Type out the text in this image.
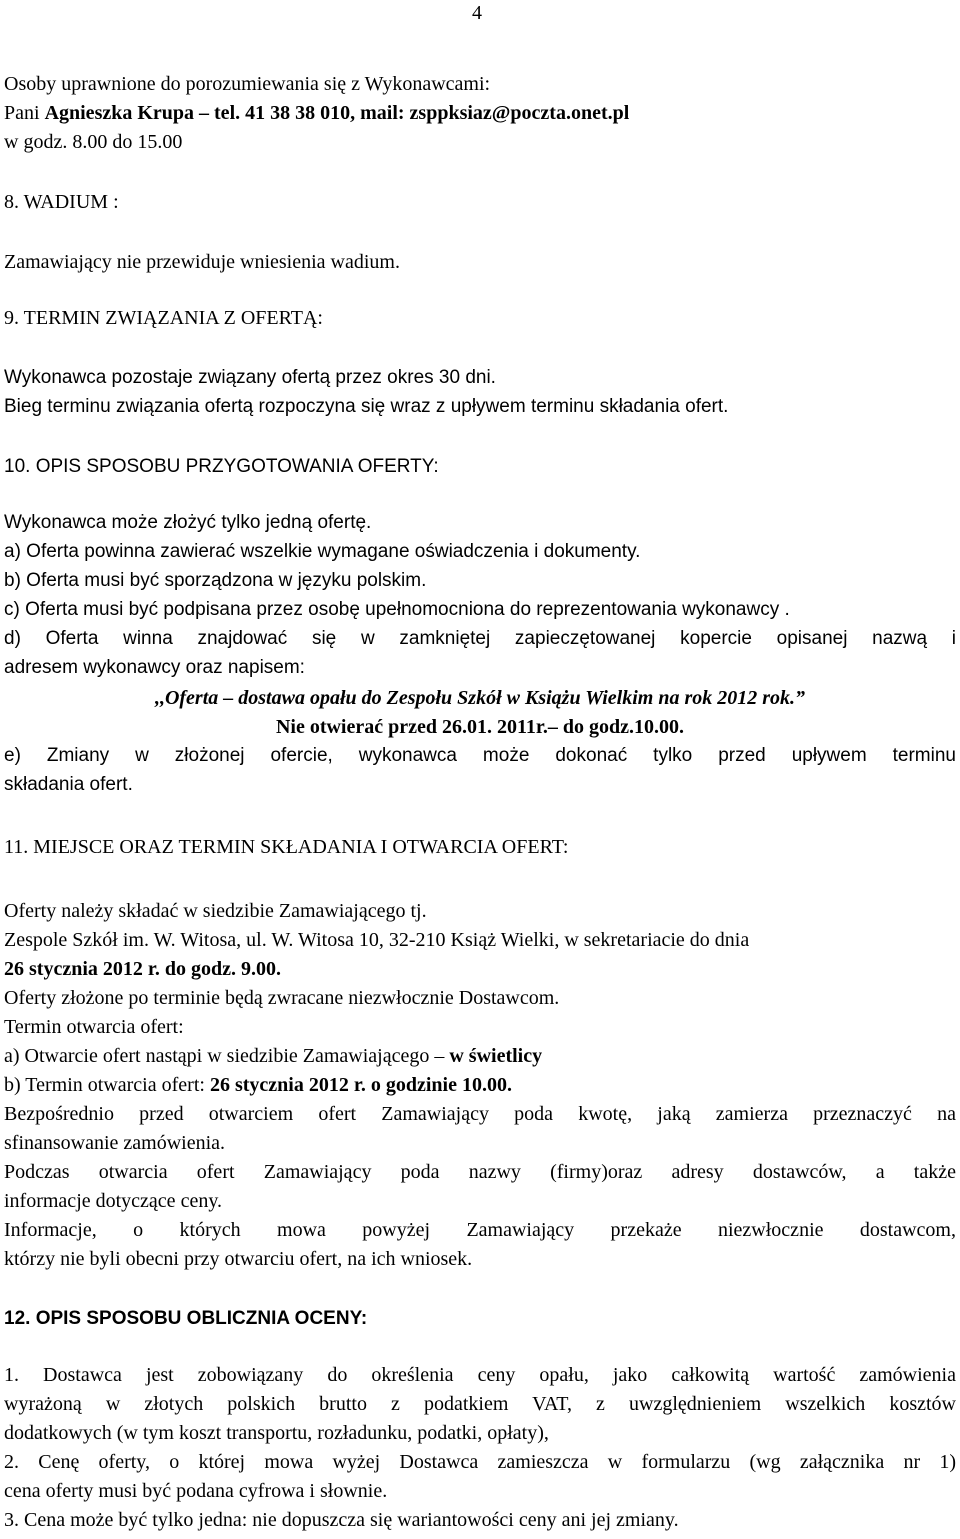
4
Osoby uprawnione do porozumiewania się z Wykonawcami:
Pani Agnieszka Krupa – tel. 41 38 38 010, mail: zsppksiaz@poczta.onet.pl
w godz. 8.00 do 15.00
8. WADIUM :
Zamawiający nie przewiduje wniesienia wadium.
9. TERMIN ZWIĄZANIA Z OFERTĄ:
Wykonawca pozostaje związany ofertą przez okres 30 dni.
Bieg terminu związania ofertą rozpoczyna się wraz z upływem terminu składania ofert.
10. OPIS SPOSOBU PRZYGOTOWANIA OFERTY:
Wykonawca może złożyć tylko jedną ofertę.
a) Oferta powinna zawierać wszelkie wymagane oświadczenia i dokumenty.
b) Oferta musi być sporządzona w języku polskim.
c) Oferta musi być podpisana przez osobę upełnomocniona do reprezentowania wykonawcy .
d) Oferta winna znajdować się w zamkniętej zapieczętowanej kopercie opisanej nazwą i
adresem wykonawcy oraz napisem:
,,Oferta – dostawa opału do Zespołu Szkół w Książu Wielkim na rok 2012 rok.”
Nie otwierać przed 26.01. 2011r.– do godz.10.00.
e) Zmiany w złożonej ofercie, wykonawca może dokonać tylko przed upływem terminu
składania ofert.
11. MIEJSCE ORAZ TERMIN SKŁADANIA I OTWARCIA OFERT:
Oferty należy składać w siedzibie Zamawiającego tj.
Zespole Szkół im. W. Witosa, ul. W. Witosa 10, 32-210 Książ Wielki, w sekretariacie do dnia
26 stycznia 2012 r. do godz. 9.00.
Oferty złożone po terminie będą zwracane niezwłocznie Dostawcom.
Termin otwarcia ofert:
a) Otwarcie ofert nastąpi w siedzibie Zamawiającego – w świetlicy
b) Termin otwarcia ofert: 26 stycznia 2012 r. o godzinie 10.00.
Bezpośrednio przed otwarciem ofert Zamawiający poda kwotę, jaką zamierza przeznaczyć na
sfinansowanie zamówienia.
Podczas otwarcia ofert Zamawiający poda nazwy (firmy)oraz adresy dostawców, a także
informacje dotyczące ceny.
Informacje, o których mowa powyżej Zamawiający przekaże niezwłocznie dostawcom,
którzy nie byli obecni przy otwarciu ofert, na ich wniosek.
12. OPIS SPOSOBU OBLICZNIA OCENY:
1. Dostawca jest zobowiązany do określenia ceny opału, jako całkowitą wartość zamówienia
wyrażoną w złotych polskich brutto z podatkiem VAT, z uwzględnieniem wszelkich kosztów
dodatkowych (w tym koszt transportu, rozładunku, podatki, opłaty),
2. Cenę oferty, o której mowa wyżej Dostawca zamieszcza w formularzu (wg załącznika nr 1)
cena oferty musi być podana cyfrowa i słownie.
3. Cena może być tylko jedna: nie dopuszcza się wariantowości ceny ani jej zmiany.
